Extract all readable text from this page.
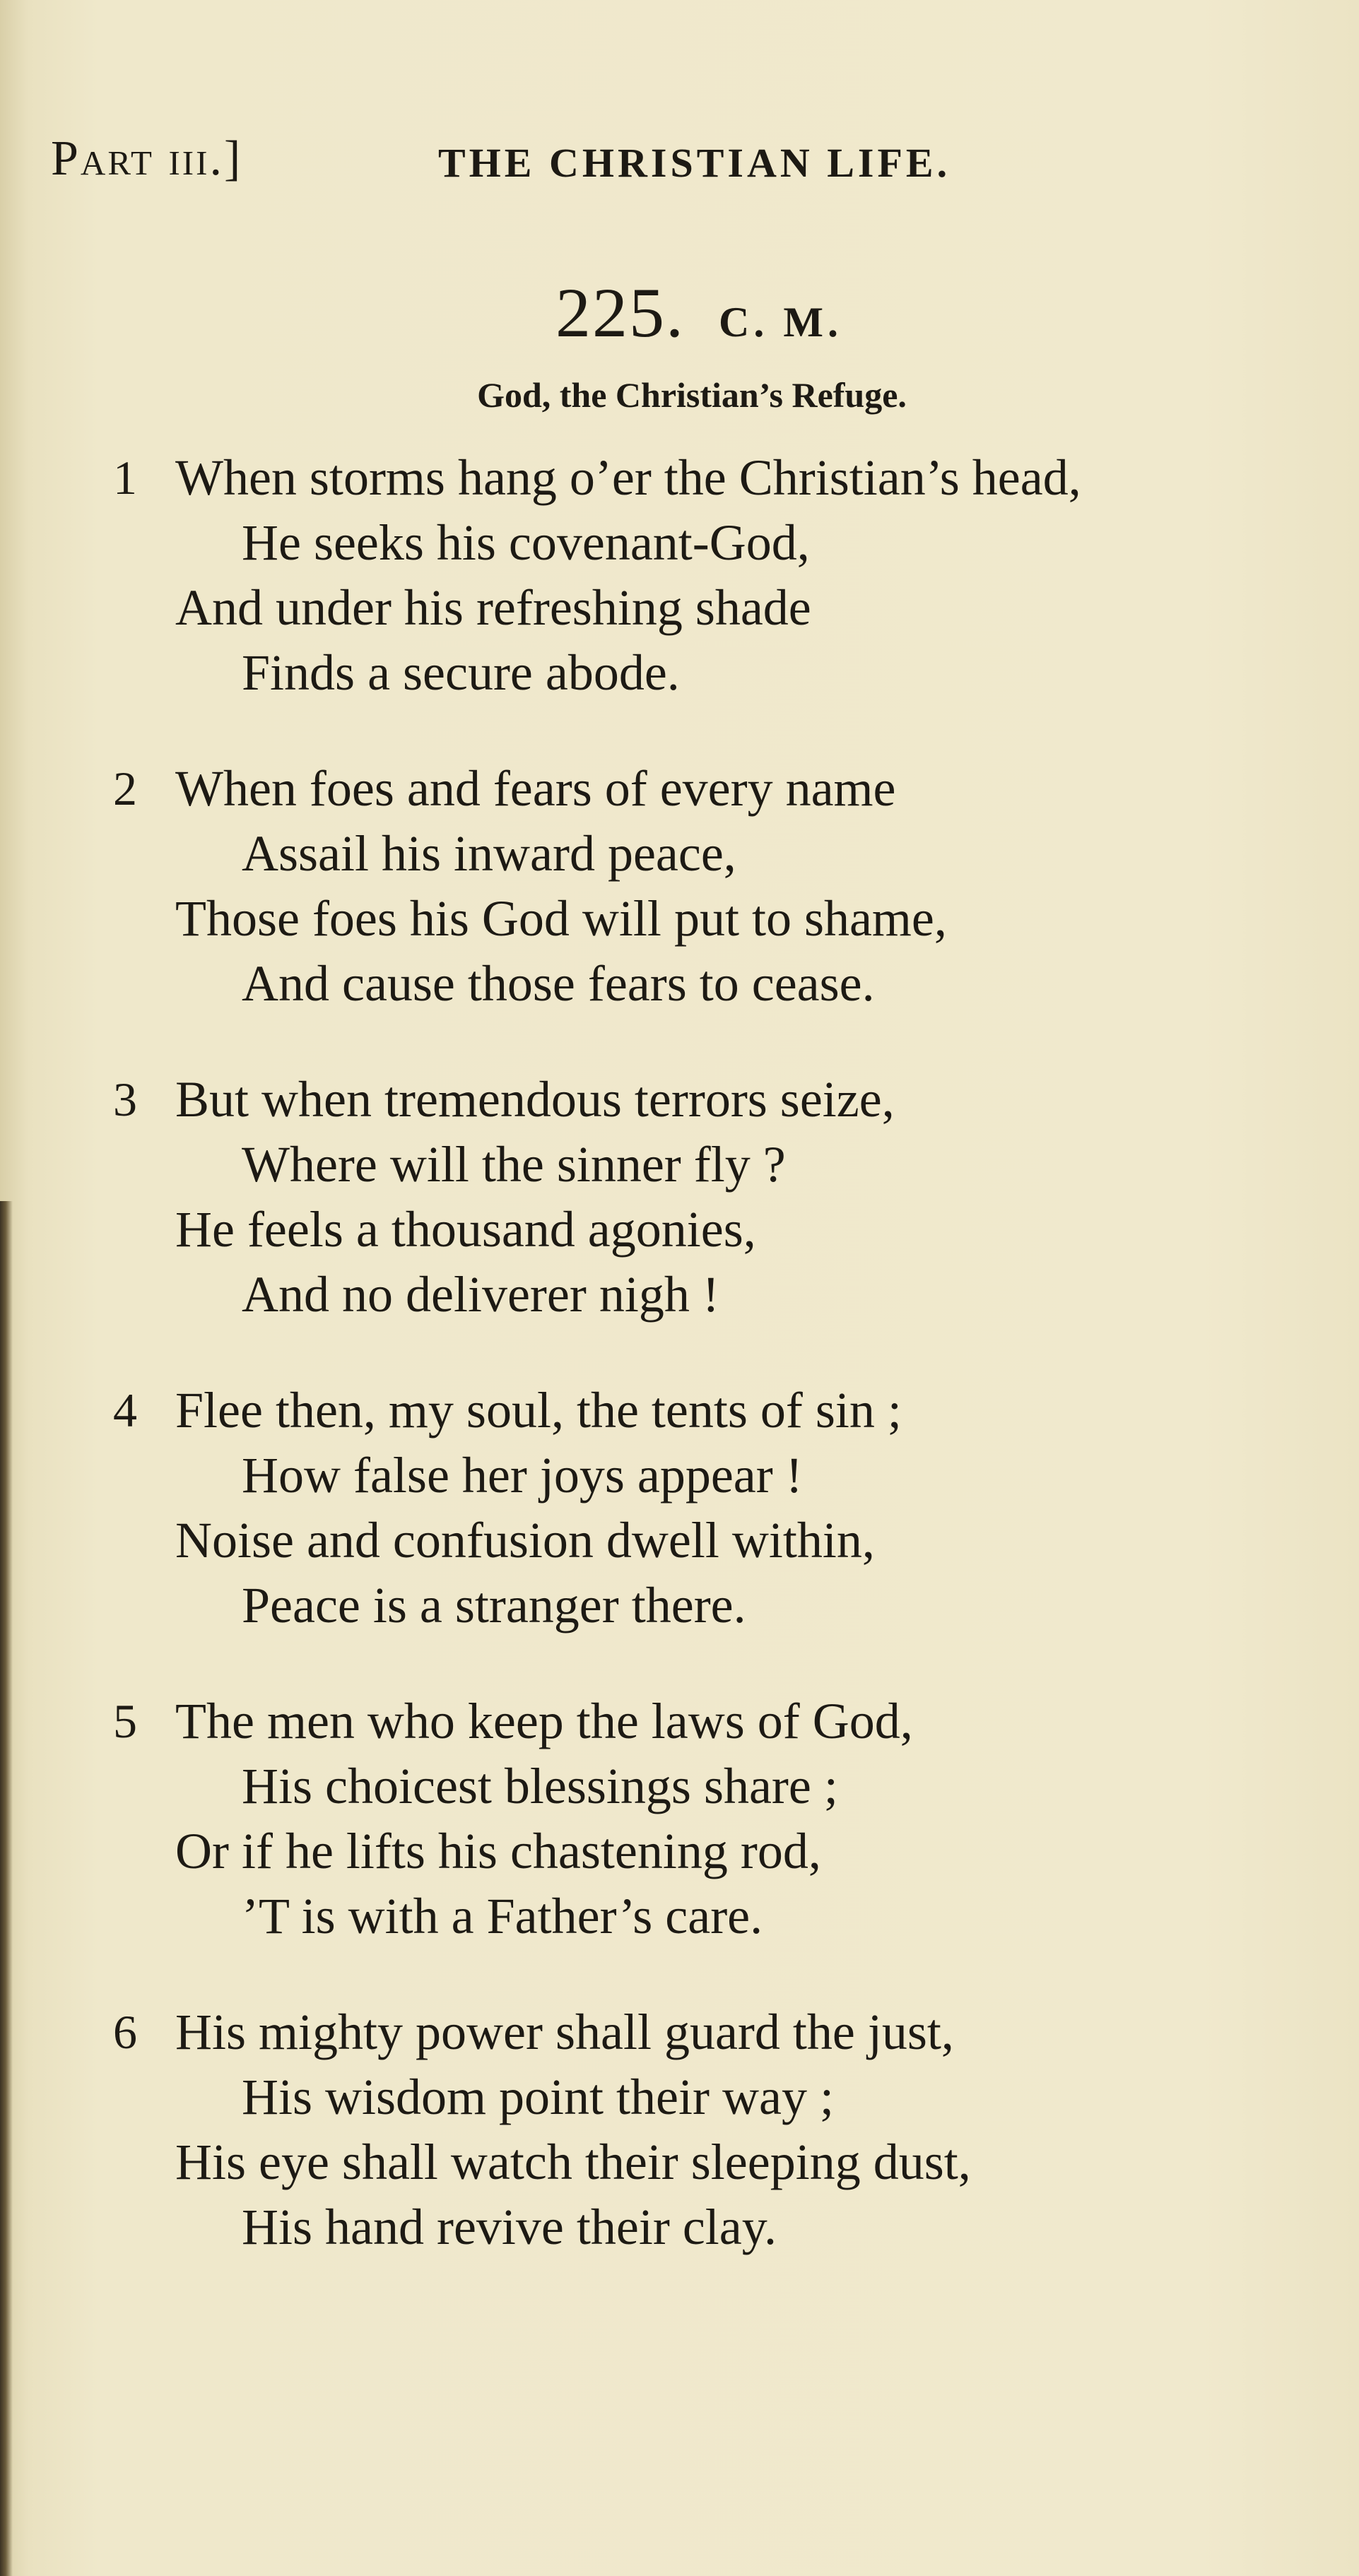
Part iii.]	THE CHRISTIAN LIFE.
225. C. M.
God, the Christian’s Refuge.
1 When storms hang o’er the Christian’s head,
He seeks his covenant-God,
And under his refreshing shade
Finds a secure abode.
2 When foes and fears of every name
Assail his inward peace,
Those foes his God will put to shame,
And cause those fears to cease.
3 But when tremendous terrors seize,
Where will the sinner fly ?
He feels a thousand agonies,
And no deliverer nigh !
4 Flee then, my soul, the tents of sin ;
How false her joys appear !
Noise and confusion dwell within,
Peace is a stranger there.
5 The men who keep the laws of God,
His choicest blessings share ;
Or if he lifts his chastening rod,
’T is with a Father’s care.
6 His mighty power shall guard the just,
His wisdom point their way ;
His eye shall watch their sleeping dust,
His hand revive their clay.
